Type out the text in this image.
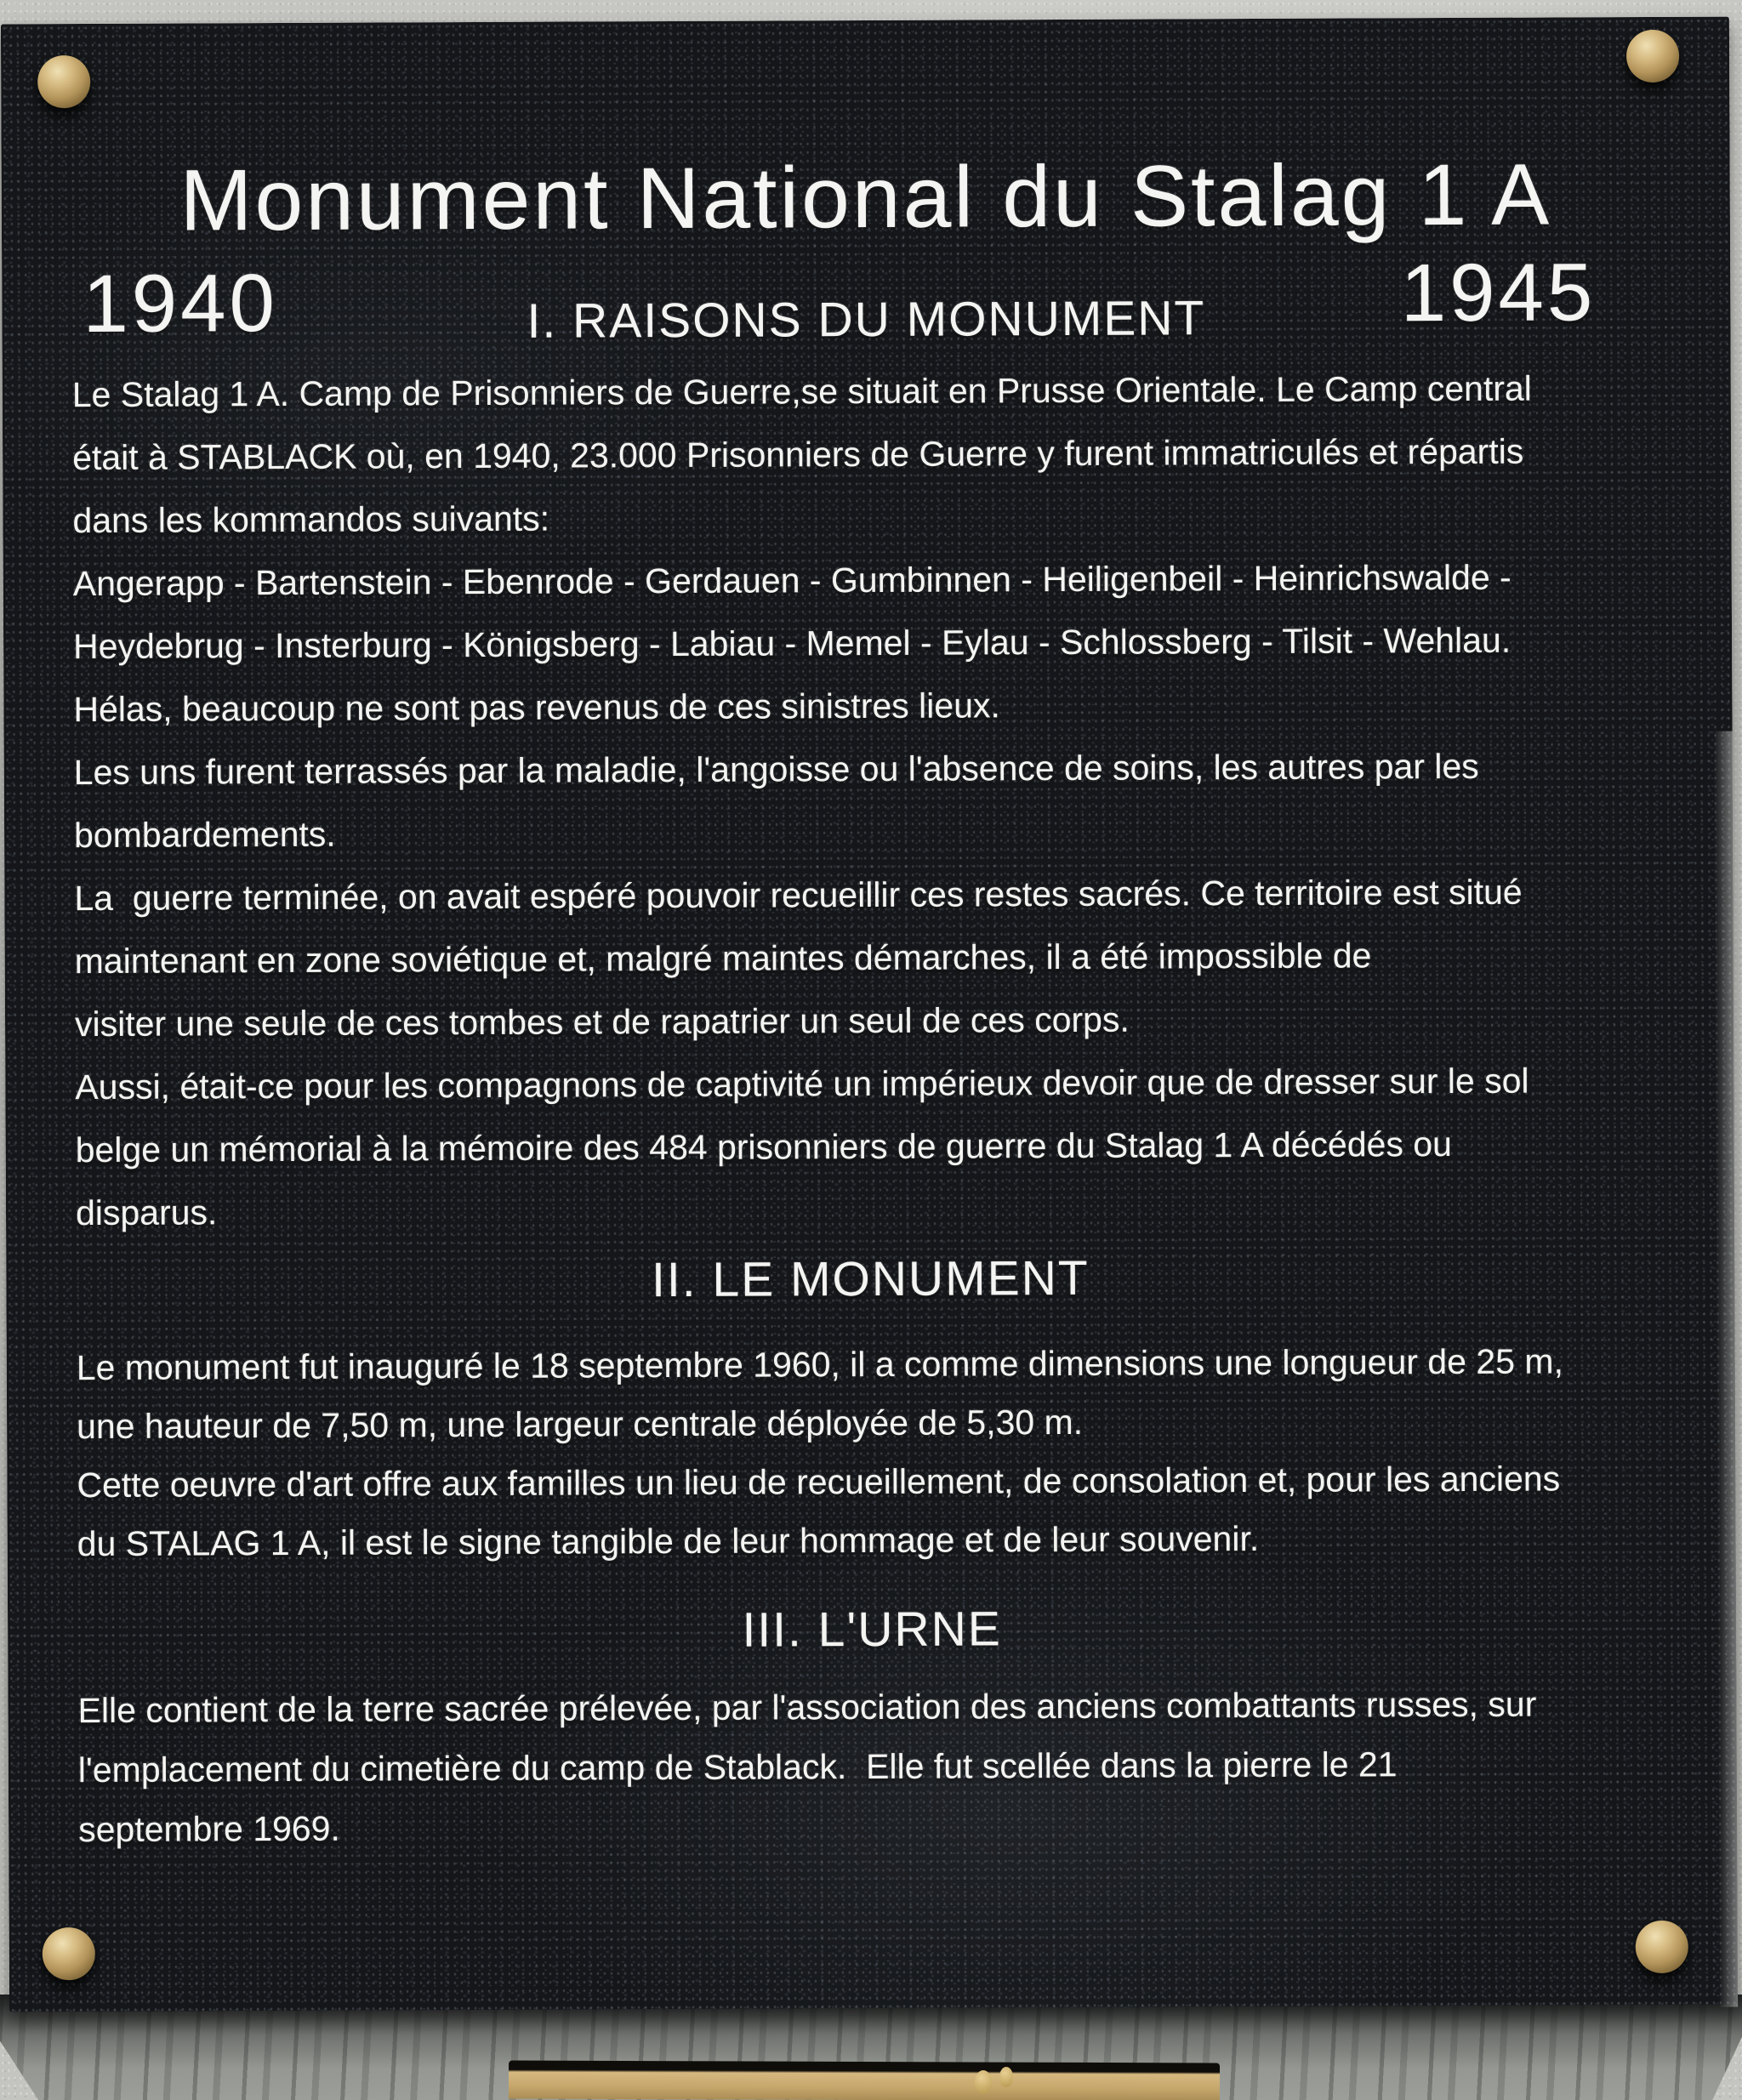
Monument National du Stalag 1 A
1940	I. RAISONS DU MONUMENT	1945
Le Stalag 1 A. Camp de Prisonniers de Guerre,se situait en Prusse Orientale. Le Camp central
était à STABLACK où, en 1940, 23.000 Prisonniers de Guerre y furent immatriculés et répartis
dans les kommandos suivants:
Angerapp - Bartenstein - Ebenrode - Gerdauen - Gumbinnen - Heiligenbeil - Heinrichswalde -
Heydebrug - Insterburg - Königsberg - Labiau - Memel - Eylau - Schlossberg - Tilsit - Wehlau.
Hélas, beaucoup ne sont pas revenus de ces sinistres lieux.
Les uns furent terrassés par la maladie, l'angoisse ou l'absence de soins, les autres par les
bombardements.
La  guerre terminée, on avait espéré pouvoir recueillir ces restes sacrés. Ce territoire est situé
maintenant en zone soviétique et, malgré maintes démarches, il a été impossible de
visiter une seule de ces tombes et de rapatrier un seul de ces corps.
Aussi, était-ce pour les compagnons de captivité un impérieux devoir que de dresser sur le sol
belge un mémorial à la mémoire des 484 prisonniers de guerre du Stalag 1 A décédés ou
disparus.
II. LE MONUMENT
Le monument fut inauguré le 18 septembre 1960, il a comme dimensions une longueur de 25 m,
une hauteur de 7,50 m, une largeur centrale déployée de 5,30 m.
Cette oeuvre d'art offre aux familles un lieu de recueillement, de consolation et, pour les anciens
du STALAG 1 A, il est le signe tangible de leur hommage et de leur souvenir.
III. L'URNE
Elle contient de la terre sacrée prélevée, par l'association des anciens combattants russes, sur
l'emplacement du cimetière du camp de Stablack.  Elle fut scellée dans la pierre le 21
septembre 1969.
